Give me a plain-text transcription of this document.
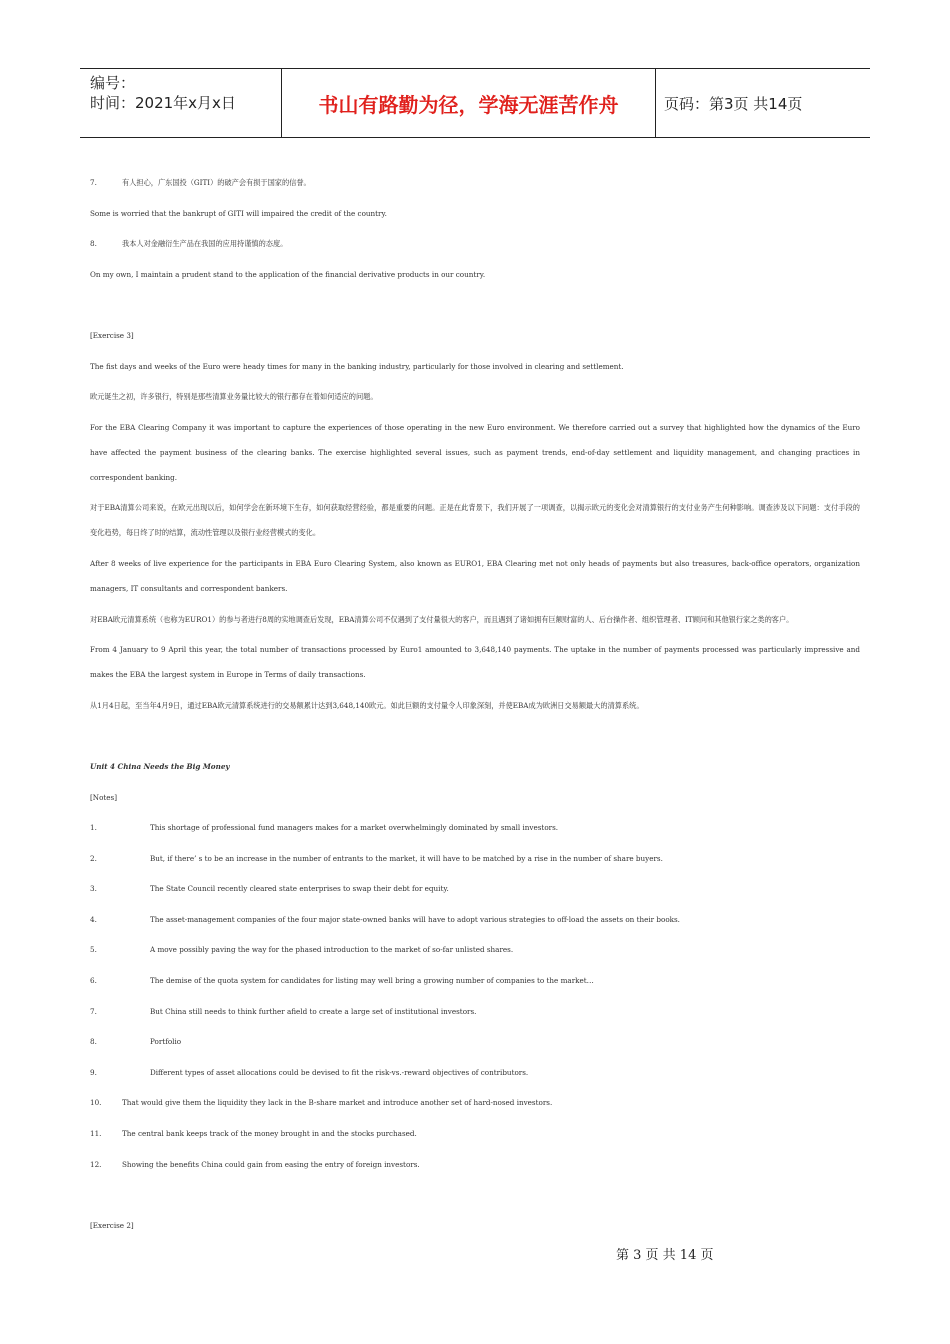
编号：
时间：2021年x月x日	书山有路勤为径，学海无涯苦作舟	页码：第3页 共14页

7.	有人担心，广东国投（GITI）的破产会有损于国家的信誉。

Some is worried that the bankrupt of GITI will impaired the credit of the country.

8.	我本人对金融衍生产品在我国的应用持谨慎的态度。

On my own, I maintain a prudent stand to the application of the financial derivative products in our country.

[Exercise 3]

The fist days and weeks of the Euro were heady times for many in the banking industry, particularly for those involved in clearing and settlement.

欧元诞生之初，许多银行，特别是那些清算业务量比较大的银行都存在着如何适应的问题。

For the EBA Clearing Company it was important to capture the experiences of those operating in the new Euro environment. We therefore carried out a survey that highlighted how the dynamics of the Euro have affected the payment business of the clearing banks. The exercise highlighted several issues, such as payment trends, end-of-day settlement and liquidity management, and changing practices in correspondent banking.

对于EBA清算公司来说，在欧元出现以后，如何学会在新环境下生存，如何获取经营经验，都是重要的问题。正是在此背景下，我们开展了一项调查，以揭示欧元的变化会对清算银行的支付业务产生何种影响。调查涉及以下问题：支付手段的变化趋势，每日终了时的结算，流动性管理以及银行业经营模式的变化。

After 8 weeks of live experience for the participants in EBA Euro Clearing System, also known as EURO1, EBA Clearing met not only heads of payments but also treasures, back-office operators, organization managers, IT consultants and correspondent bankers.

对EBA欧元清算系统（也称为EURO1）的参与者进行8周的实地调查后发现，EBA清算公司不仅遇到了支付量很大的客户，而且遇到了诸如拥有巨额财富的人、后台操作者、组织管理者、IT顾问和其他银行家之类的客户。

From 4 January to 9 April this year, the total number of transactions processed by Euro1 amounted to 3,648,140 payments. The uptake in the number of payments processed was particularly impressive and makes the EBA the largest system in Europe in Terms of daily transactions.

从1月4日起，至当年4月9日，通过EBA欧元清算系统进行的交易额累计达到3,648,140欧元。如此巨额的支付量令人印象深刻，并使EBA成为欧洲日交易额最大的清算系统。

Unit 4 China Needs the Big Money

[Notes]

1.	This shortage of professional fund managers makes for a market overwhelmingly dominated by small investors.

2.	But, if there’ s to be an increase in the number of entrants to the market, it will have to be matched by a rise in the number of share buyers.

3.	The State Council recently cleared state enterprises to swap their debt for equity.

4.	The asset-management companies of the four major state-owned banks will have to adopt various strategies to off-load the assets on their books.

5.	A move possibly paving the way for the phased introduction to the market of so-far unlisted shares.

6.	The demise of the quota system for candidates for listing may well bring a growing number of companies to the market…

7.	But China still needs to think further afield to create a large set of institutional investors.

8.	Portfolio

9.	Different types of asset allocations could be devised to fit the risk-vs.-reward objectives of contributors.

10.	That would give them the liquidity they lack in the B-share market and introduce another set of hard-nosed investors.

11.	The central bank keeps track of the money brought in and the stocks purchased.

12.	Showing the benefits China could gain from easing the entry of foreign investors.

[Exercise 2]

第 3 页 共 14 页
